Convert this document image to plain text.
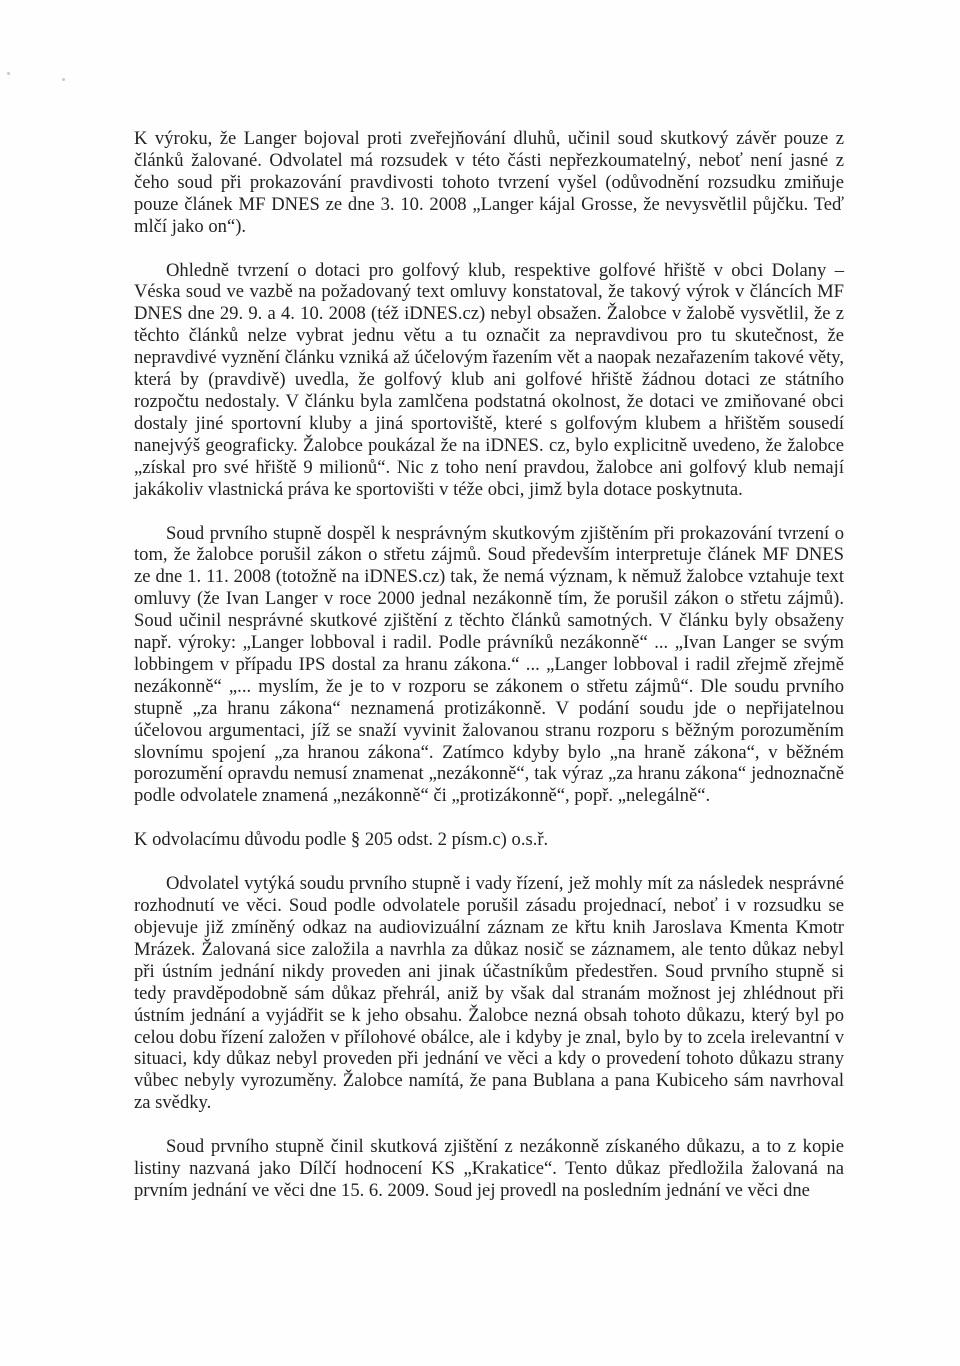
K výroku, že Langer bojoval proti zveřejňování dluhů, učinil soud skutkový závěr pouze z článků žalované. Odvolatel má rozsudek v této části nepřezkoumatelný, neboť není jasné z čeho soud při prokazování pravdivosti tohoto tvrzení vyšel (odůvodnění rozsudku zmiňuje pouze článek MF DNES ze dne 3. 10. 2008 „Langer kájal Grosse, že nevysvětlil půjčku. Teď mlčí jako on“).

Ohledně tvrzení o dotaci pro golfový klub, respektive golfové hřiště v obci Dolany – Véska soud ve vazbě na požadovaný text omluvy konstatoval, že takový výrok v článcích MF DNES dne 29. 9. a 4. 10. 2008 (též iDNES.cz) nebyl obsažen. Žalobce v žalobě vysvětlil, že z těchto článků nelze vybrat jednu větu a tu označit za nepravdivou pro tu skutečnost, že nepravdivé vyznění článku vzniká až účelovým řazením vět a naopak nezařazením takové věty, která by (pravdivě) uvedla, že golfový klub ani golfové hřiště žádnou dotaci ze státního rozpočtu nedostaly. V článku byla zamlčena podstatná okolnost, že dotaci ve zmiňované obci dostaly jiné sportovní kluby a jiná sportoviště, které s golfovým klubem a hřištěm sousedí nanejvýš geograficky. Žalobce poukázal že na iDNES. cz, bylo explicitně uvedeno, že žalobce „získal pro své hřiště 9 milionů“. Nic z toho není pravdou, žalobce ani golfový klub nemají jakákoliv vlastnická práva ke sportovišti v téže obci, jimž byla dotace poskytnuta.

Soud prvního stupně dospěl k nesprávným skutkovým zjištěním při prokazování tvrzení o tom, že žalobce porušil zákon o střetu zájmů. Soud především interpretuje článek MF DNES ze dne 1. 11. 2008 (totožně na iDNES.cz) tak, že nemá význam, k němuž žalobce vztahuje text omluvy (že Ivan Langer v roce 2000 jednal nezákonně tím, že porušil zákon o střetu zájmů). Soud učinil nesprávné skutkové zjištění z těchto článků samotných. V článku byly obsaženy např. výroky: „Langer lobboval i radil. Podle právníků nezákonně“ ... „Ivan Langer se svým lobbingem v případu IPS dostal za hranu zákona.“ ... „Langer lobboval i radil zřejmě zřejmě nezákonně“ „... myslím, že je to v rozporu se zákonem o střetu zájmů“. Dle soudu prvního stupně „za hranu zákona“ neznamená protizákonně. V podání soudu jde o nepřijatelnou účelovou argumentaci, jíž se snaží vyvinit žalovanou stranu rozporu s běžným porozuměním slovnímu spojení „za hranou zákona“. Zatímco kdyby bylo „na hraně zákona“, v běžném porozumění opravdu nemusí znamenat „nezákonně“, tak výraz „za hranu zákona“ jednoznačně podle odvolatele znamená „nezákonně“ či „protizákonně“, popř. „nelegálně“.

K odvolacímu důvodu podle § 205 odst. 2 písm.c) o.s.ř.

Odvolatel vytýká soudu prvního stupně i vady řízení, jež mohly mít za následek nesprávné rozhodnutí ve věci. Soud podle odvolatele porušil zásadu projednací, neboť i v rozsudku se objevuje již zmíněný odkaz na audiovizuální záznam ze křtu knih Jaroslava Kmenta Kmotr Mrázek. Žalovaná sice založila a navrhla za důkaz nosič se záznamem, ale tento důkaz nebyl při ústním jednání nikdy proveden ani jinak účastníkům předestřen. Soud prvního stupně si tedy pravděpodobně sám důkaz přehrál, aniž by však dal stranám možnost jej zhlédnout při ústním jednání a vyjádřit se k jeho obsahu. Žalobce nezná obsah tohoto důkazu, který byl po celou dobu řízení založen v přílohové obálce, ale i kdyby je znal, bylo by to zcela irelevantní v situaci, kdy důkaz nebyl proveden při jednání ve věci a kdy o provedení tohoto důkazu strany vůbec nebyly vyrozuměny. Žalobce namítá, že pana Bublana a pana Kubiceho sám navrhoval za svědky.

Soud prvního stupně činil skutková zjištění z nezákonně získaného důkazu, a to z kopie listiny nazvaná jako Dílčí hodnocení KS „Krakatice“. Tento důkaz předložila žalovaná na prvním jednání ve věci dne 15. 6. 2009. Soud jej provedl na posledním jednání ve věci dne
